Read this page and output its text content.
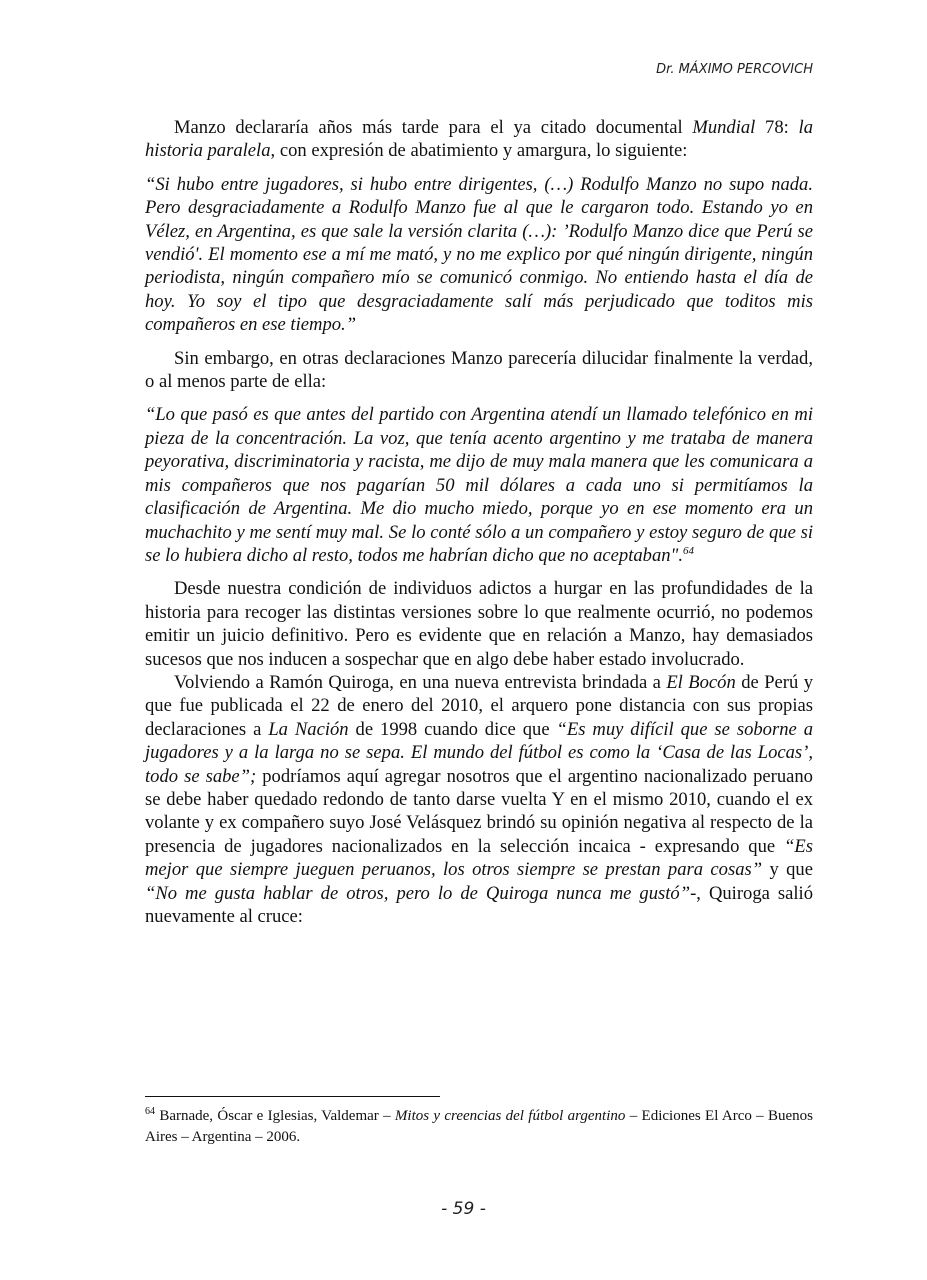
Dr. MÁXIMO PERCOVICH

Manzo declararía años más tarde para el ya citado documental Mundial 78: la historia paralela, con expresión de abatimiento y amargura, lo siguiente:

“Si hubo entre jugadores, si hubo entre dirigentes, (…) Rodulfo Manzo no supo nada. Pero desgraciadamente a Rodulfo Manzo fue al que le cargaron todo. Estando yo en Vélez, en Argentina, es que sale la versión clarita (…): ’Rodulfo Manzo dice que Perú se vendió'. El momento ese a mí me mató, y no me explico por qué ningún dirigente, ningún periodista, ningún compañero mío se comunicó conmigo. No entiendo hasta el día de hoy. Yo soy el tipo que desgraciadamente salí más perjudicado que toditos mis compañeros en ese tiempo.”

Sin embargo, en otras declaraciones Manzo parecería dilucidar finalmente la verdad, o al menos parte de ella:

“Lo que pasó es que antes del partido con Argentina atendí un llamado telefónico en mi pieza de la concentración. La voz, que tenía acento argentino y me trataba de manera peyorativa, discriminatoria y racista, me dijo de muy mala manera que les comunicara a mis compañeros que nos pagarían 50 mil dólares a cada uno si permitíamos la clasificación de Argentina. Me dio mucho miedo, porque yo en ese momento era un muchachito y me sentí muy mal. Se lo conté sólo a un compañero y estoy seguro de que si se lo hubiera dicho al resto, todos me habrían dicho que no aceptaban".$^{64}$

Desde nuestra condición de individuos adictos a hurgar en las profundidades de la historia para recoger las distintas versiones sobre lo que realmente ocurrió, no podemos emitir un juicio definitivo. Pero es evidente que en relación a Manzo, hay demasiados sucesos que nos inducen a sospechar que en algo debe haber estado involucrado.

Volviendo a Ramón Quiroga, en una nueva entrevista brindada a El Bocón de Perú y que fue publicada el 22 de enero del 2010, el arquero pone distancia con sus propias declaraciones a La Nación de 1998 cuando dice que “Es muy difícil que se soborne a jugadores y a la larga no se sepa. El mundo del fútbol es como la ‘Casa de las Locas’, todo se sabe”; podríamos aquí agregar nosotros que el argentino nacionalizado peruano se debe haber quedado redondo de tanto darse vuelta Y en el mismo 2010, cuando el ex volante y ex compañero suyo José Velásquez brindó su opinión negativa al respecto de la presencia de jugadores nacionalizados en la selección incaica - expresando que “Es mejor que siempre jueguen peruanos, los otros siempre se prestan para cosas” y que “No me gusta hablar de otros, pero lo de Quiroga nunca me gustó”-, Quiroga salió nuevamente al cruce:

$^{64}$ Barnade, Óscar e Iglesias, Valdemar – Mitos y creencias del fútbol argentino – Ediciones El Arco – Buenos Aires – Argentina – 2006.
- 59 -
